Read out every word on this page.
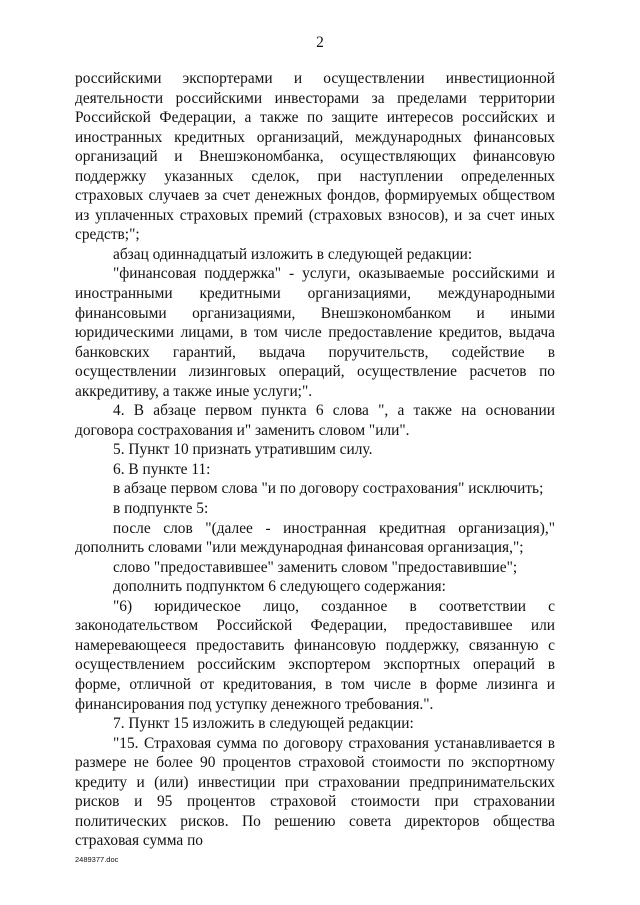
2

российскими экспортерами и осуществлении инвестиционной деятельности российскими инвесторами за пределами территории Российской Федерации, а также по защите интересов российских и иностранных кредитных организаций, международных финансовых организаций и Внешэкономбанка, осуществляющих финансовую поддержку указанных сделок, при наступлении определенных страховых случаев за счет денежных фондов, формируемых обществом из уплаченных страховых премий (страховых взносов), и за счет иных средств;";

абзац одиннадцатый изложить в следующей редакции:

"финансовая поддержка" - услуги, оказываемые российскими и иностранными кредитными организациями, международными финансовыми организациями, Внешэкономбанком и иными юридическими лицами, в том числе предоставление кредитов, выдача банковских гарантий, выдача поручительств, содействие в осуществлении лизинговых операций, осуществление расчетов по аккредитиву, а также иные услуги;".

4. В абзаце первом пункта 6 слова ", а также на основании договора сострахования и" заменить словом "или".

5. Пункт 10 признать утратившим силу.

6. В пункте 11:

в абзаце первом слова "и по договору сострахования" исключить;

в подпункте 5:

после слов "(далее - иностранная кредитная организация)," дополнить словами "или международная финансовая организация,";

слово "предоставившее" заменить словом "предоставившие";

дополнить подпунктом 6 следующего содержания:

"6) юридическое лицо, созданное в соответствии с законодательством Российской Федерации, предоставившее или намеревающееся предоставить финансовую поддержку, связанную с осуществлением российским экспортером экспортных операций в форме, отличной от кредитования, в том числе в форме лизинга и финансирования под уступку денежного требования.".

7. Пункт 15 изложить в следующей редакции:

"15. Страховая сумма по договору страхования устанавливается в размере не более 90 процентов страховой стоимости по экспортному кредиту и (или) инвестиции при страховании предпринимательских рисков и 95 процентов страховой стоимости при страховании политических рисков. По решению совета директоров общества страховая сумма по

2489377.doc
